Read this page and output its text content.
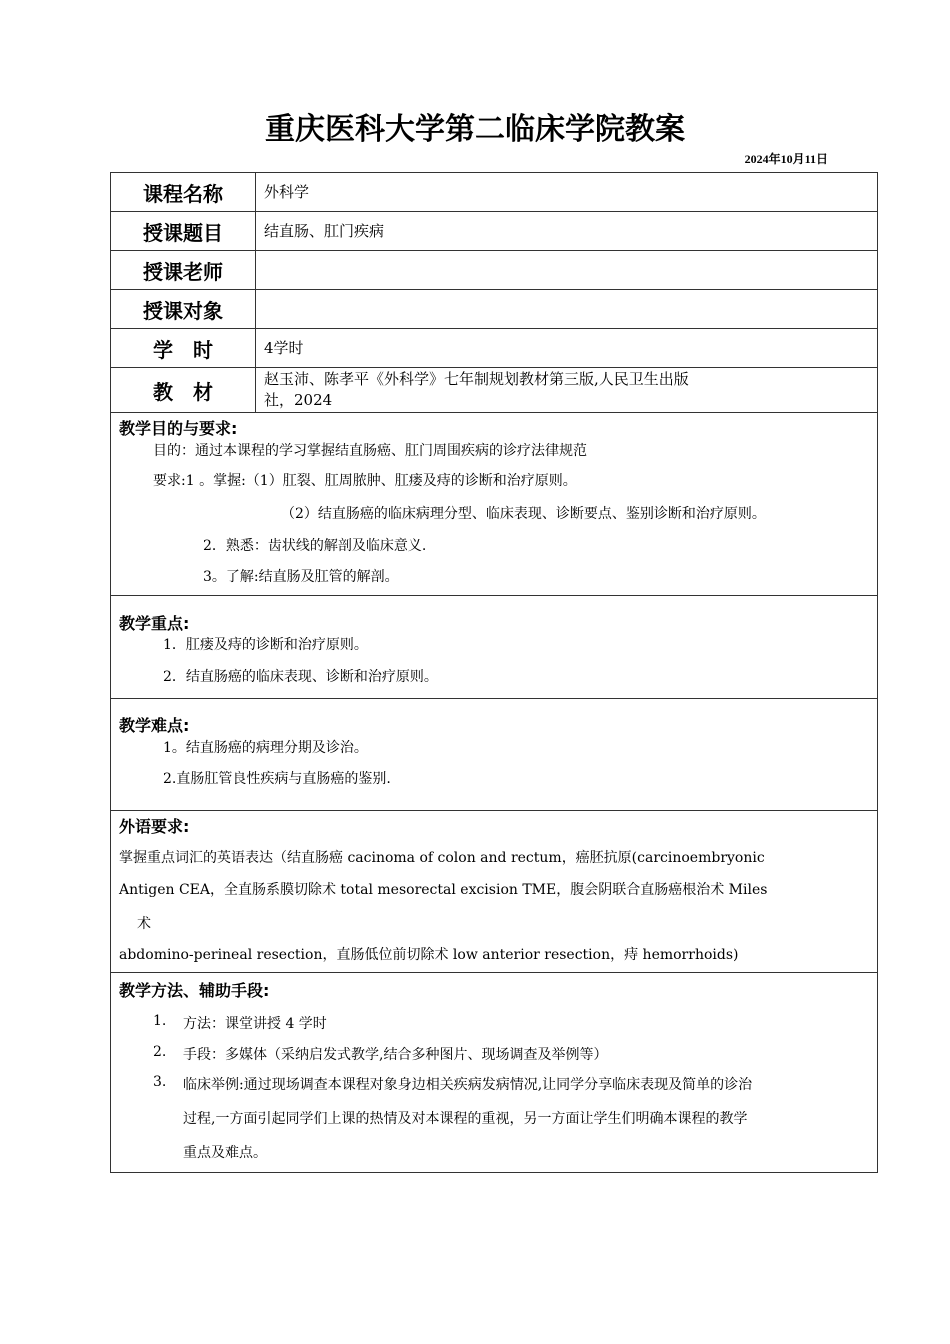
重庆医科大学第二临床学院教案
2024年10月11日
课程名称	外科学
授课题目	结直肠、肛门疾病
授课老师	
授课对象	
学　时	4学时
教　材	赵玉沛、陈孝平《外科学》七年制规划教材第三版,人民卫生出版
社，2024
教学目的与要求:
目的：通过本课程的学习掌握结直肠癌、肛门周围疾病的诊疗法律规范
要求:1 。掌握:（1）肛裂、肛周脓肿、肛瘘及痔的诊断和治疗原则。
（2）结直肠癌的临床病理分型、临床表现、诊断要点、鉴别诊断和治疗原则。
2．熟悉：齿状线的解剖及临床意义.
3。了解:结直肠及肛管的解剖。
教学重点:
1．肛瘘及痔的诊断和治疗原则。
2．结直肠癌的临床表现、诊断和治疗原则。
教学难点:
1。结直肠癌的病理分期及诊治。
2.直肠肛管良性疾病与直肠癌的鉴别.
外语要求:
掌握重点词汇的英语表达（结直肠癌 cacinoma of colon and rectum，癌胚抗原(carcinoembryonic
Antigen CEA，全直肠系膜切除术 total mesorectal excision TME，腹会阴联合直肠癌根治术 Miles
术
abdomino-perineal resection，直肠低位前切除术 low anterior resection，痔 hemorrhoids)
教学方法、辅助手段:
1. 方法：课堂讲授 4 学时
2. 手段：多媒体（采纳启发式教学,结合多种图片、现场调查及举例等）
3. 临床举例:通过现场调查本课程对象身边相关疾病发病情况,让同学分享临床表现及简单的诊治
过程,一方面引起同学们上课的热情及对本课程的重视，另一方面让学生们明确本课程的教学
重点及难点。
